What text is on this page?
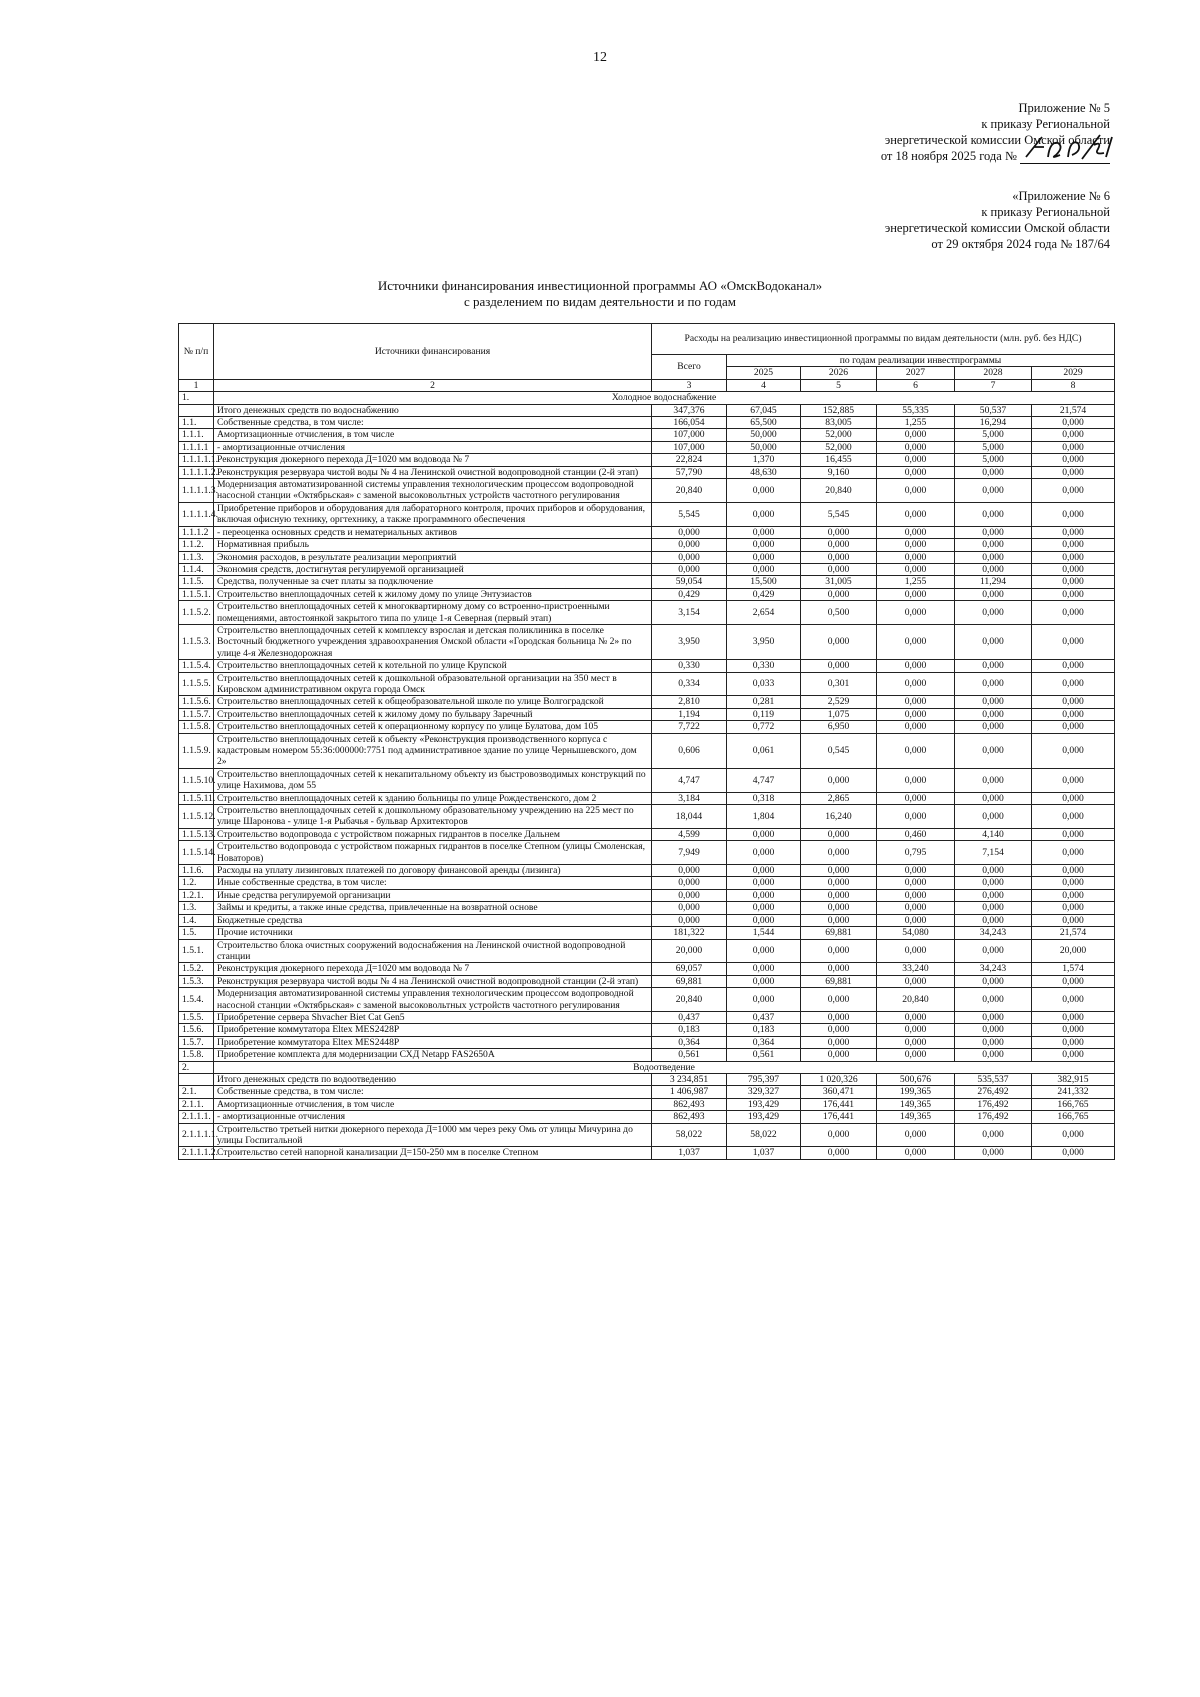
12
Приложение № 5
к приказу Региональной
энергетической комиссии Омской области
от 18 ноября 2025 года №
«Приложение № 6
к приказу Региональной
энергетической комиссии Омской области
от 29 октября 2024 года № 187/64
Источники финансирования инвестиционной программы АО «ОмскВодоканал»
с разделением по видам деятельности и по годам
№ п/п	Источники финансирования	Расходы на реализацию инвестиционной программы по видам деятельности (млн. руб. без НДС)					
		Всего	по годам реализации инвестпрограммы				
			2025	2026	2027	2028	2029
1	2	3	4	5	6	7	8
1.	Холодное водоснабжение						
	Итого денежных средств по водоснабжению	347,376	67,045	152,885	55,335	50,537	21,574
1.1.	Собственные средства, в том числе:	166,054	65,500	83,005	1,255	16,294	0,000
1.1.1.	Амортизационные отчисления, в том числе	107,000	50,000	52,000	0,000	5,000	0,000
1.1.1.1	- амортизационные отчисления	107,000	50,000	52,000	0,000	5,000	0,000
1.1.1.1.1.	Реконструкция дюкерного перехода Д=1020 мм водовода № 7	22,824	1,370	16,455	0,000	5,000	0,000
1.1.1.1.2.	Реконструкция резервуара чистой воды № 4 на Ленинской очистной водопроводной станции (2-й этап)	57,790	48,630	9,160	0,000	0,000	0,000
1.1.1.1.3.	Модернизация автоматизированной системы управления технологическим процессом водопроводной насосной станции «Октябрьская» с заменой высоковольтных устройств частотного регулирования	20,840	0,000	20,840	0,000	0,000	0,000
1.1.1.1.4.	Приобретение приборов и оборудования для лабораторного контроля, прочих приборов и оборудования, включая офисную технику, оргтехнику, а также программного обеспечения	5,545	0,000	5,545	0,000	0,000	0,000
1.1.1.2	- переоценка основных средств и нематериальных активов	0,000	0,000	0,000	0,000	0,000	0,000
1.1.2.	Нормативная прибыль	0,000	0,000	0,000	0,000	0,000	0,000
1.1.3.	Экономия расходов, в результате реализации мероприятий	0,000	0,000	0,000	0,000	0,000	0,000
1.1.4.	Экономия средств, достигнутая регулируемой организацией	0,000	0,000	0,000	0,000	0,000	0,000
1.1.5.	Средства, полученные за счет платы за подключение	59,054	15,500	31,005	1,255	11,294	0,000
1.1.5.1.	Строительство внеплощадочных сетей к жилому дому по улице Энтузиастов	0,429	0,429	0,000	0,000	0,000	0,000
1.1.5.2.	Строительство внеплощадочных сетей к многоквартирному дому со встроенно-пристроенными помещениями, автостоянкой закрытого типа по улице 1-я Северная (первый этап)	3,154	2,654	0,500	0,000	0,000	0,000
1.1.5.3.	Строительство внеплощадочных сетей к комплексу взрослая и детская поликлиника в поселке Восточный бюджетного учреждения здравоохранения Омской области «Городская больница № 2» по улице 4-я Железнодорожная	3,950	3,950	0,000	0,000	0,000	0,000
1.1.5.4.	Строительство внеплощадочных сетей к котельной по улице Крупской	0,330	0,330	0,000	0,000	0,000	0,000
1.1.5.5.	Строительство внеплощадочных сетей к дошкольной образовательной организации на 350 мест в Кировском административном округа города Омск	0,334	0,033	0,301	0,000	0,000	0,000
1.1.5.6.	Строительство внеплощадочных сетей к общеобразовательной школе по улице Волгоградской	2,810	0,281	2,529	0,000	0,000	0,000
1.1.5.7.	Строительство внеплощадочных сетей к жилому дому по бульвару Заречный	1,194	0,119	1,075	0,000	0,000	0,000
1.1.5.8.	Строительство внеплощадочных сетей к операционному корпусу по улице Булатова, дом 105	7,722	0,772	6,950	0,000	0,000	0,000
1.1.5.9.	Строительство внеплощадочных сетей к объекту «Реконструкция производственного корпуса с кадастровым номером 55:36:000000:7751 под административное здание по улице Чернышевского, дом 2»	0,606	0,061	0,545	0,000	0,000	0,000
1.1.5.10.	Строительство внеплощадочных сетей к некапитальному объекту из быстровозводимых конструкций по улице Нахимова, дом 55	4,747	4,747	0,000	0,000	0,000	0,000
1.1.5.11.	Строительство внеплощадочных сетей к зданию больницы по улице Рождественского, дом 2	3,184	0,318	2,865	0,000	0,000	0,000
1.1.5.12.	Строительство внеплощадочных сетей к дошкольному образовательному учреждению на 225 мест по улице Шаронова - улице 1-я Рыбачья - бульвар Архитекторов	18,044	1,804	16,240	0,000	0,000	0,000
1.1.5.13.	Строительство водопровода с устройством пожарных гидрантов в поселке Дальнем	4,599	0,000	0,000	0,460	4,140	0,000
1.1.5.14.	Строительство водопровода с устройством пожарных гидрантов в поселке Степном (улицы Смоленская, Новаторов)	7,949	0,000	0,000	0,795	7,154	0,000
1.1.6.	Расходы на уплату лизинговых платежей по договору финансовой аренды (лизинга)	0,000	0,000	0,000	0,000	0,000	0,000
1.2.	Иные собственные средства, в том числе:	0,000	0,000	0,000	0,000	0,000	0,000
1.2.1.	Иные средства регулируемой организации	0,000	0,000	0,000	0,000	0,000	0,000
1.3.	Займы и кредиты, а также иные средства, привлеченные на возвратной основе	0,000	0,000	0,000	0,000	0,000	0,000
1.4.	Бюджетные средства	0,000	0,000	0,000	0,000	0,000	0,000
1.5.	Прочие источники	181,322	1,544	69,881	54,080	34,243	21,574
1.5.1.	Строительство блока очистных сооружений водоснабжения на Ленинской очистной водопроводной станции	20,000	0,000	0,000	0,000	0,000	20,000
1.5.2.	Реконструкция дюкерного перехода Д=1020 мм водовода № 7	69,057	0,000	0,000	33,240	34,243	1,574
1.5.3.	Реконструкция резервуара чистой воды № 4 на Ленинской очистной водопроводной станции (2-й этап)	69,881	0,000	69,881	0,000	0,000	0,000
1.5.4.	Модернизация автоматизированной системы управления технологическим процессом водопроводной насосной станции «Октябрьская» с заменой высоковольтных устройств частотного регулирования	20,840	0,000	0,000	20,840	0,000	0,000
1.5.5.	Приобретение сервера Shvacher Biet Cat Gen5	0,437	0,437	0,000	0,000	0,000	0,000
1.5.6.	Приобретение коммутатора Eltex MES2428P	0,183	0,183	0,000	0,000	0,000	0,000
1.5.7.	Приобретение коммутатора Eltex MES2448P	0,364	0,364	0,000	0,000	0,000	0,000
1.5.8.	Приобретение комплекта для модернизации СХД Netapp FAS2650A	0,561	0,561	0,000	0,000	0,000	0,000
2.	Водоотведение						
	Итого денежных средств по водоотведению	3 234,851	795,397	1 020,326	500,676	535,537	382,915
2.1.	Собственные средства, в том числе:	1 406,987	329,327	360,471	199,365	276,492	241,332
2.1.1.	Амортизационные отчисления, в том числе	862,493	193,429	176,441	149,365	176,492	166,765
2.1.1.1.	- амортизационные отчисления	862,493	193,429	176,441	149,365	176,492	166,765
2.1.1.1.1.	Строительство третьей нитки дюкерного перехода Д=1000 мм через реку Омь от улицы Мичурина до улицы Госпитальной	58,022	58,022	0,000	0,000	0,000	0,000
2.1.1.1.2.	Строительство сетей напорной канализации Д=150-250 мм в поселке Степном	1,037	1,037	0,000	0,000	0,000	0,000
